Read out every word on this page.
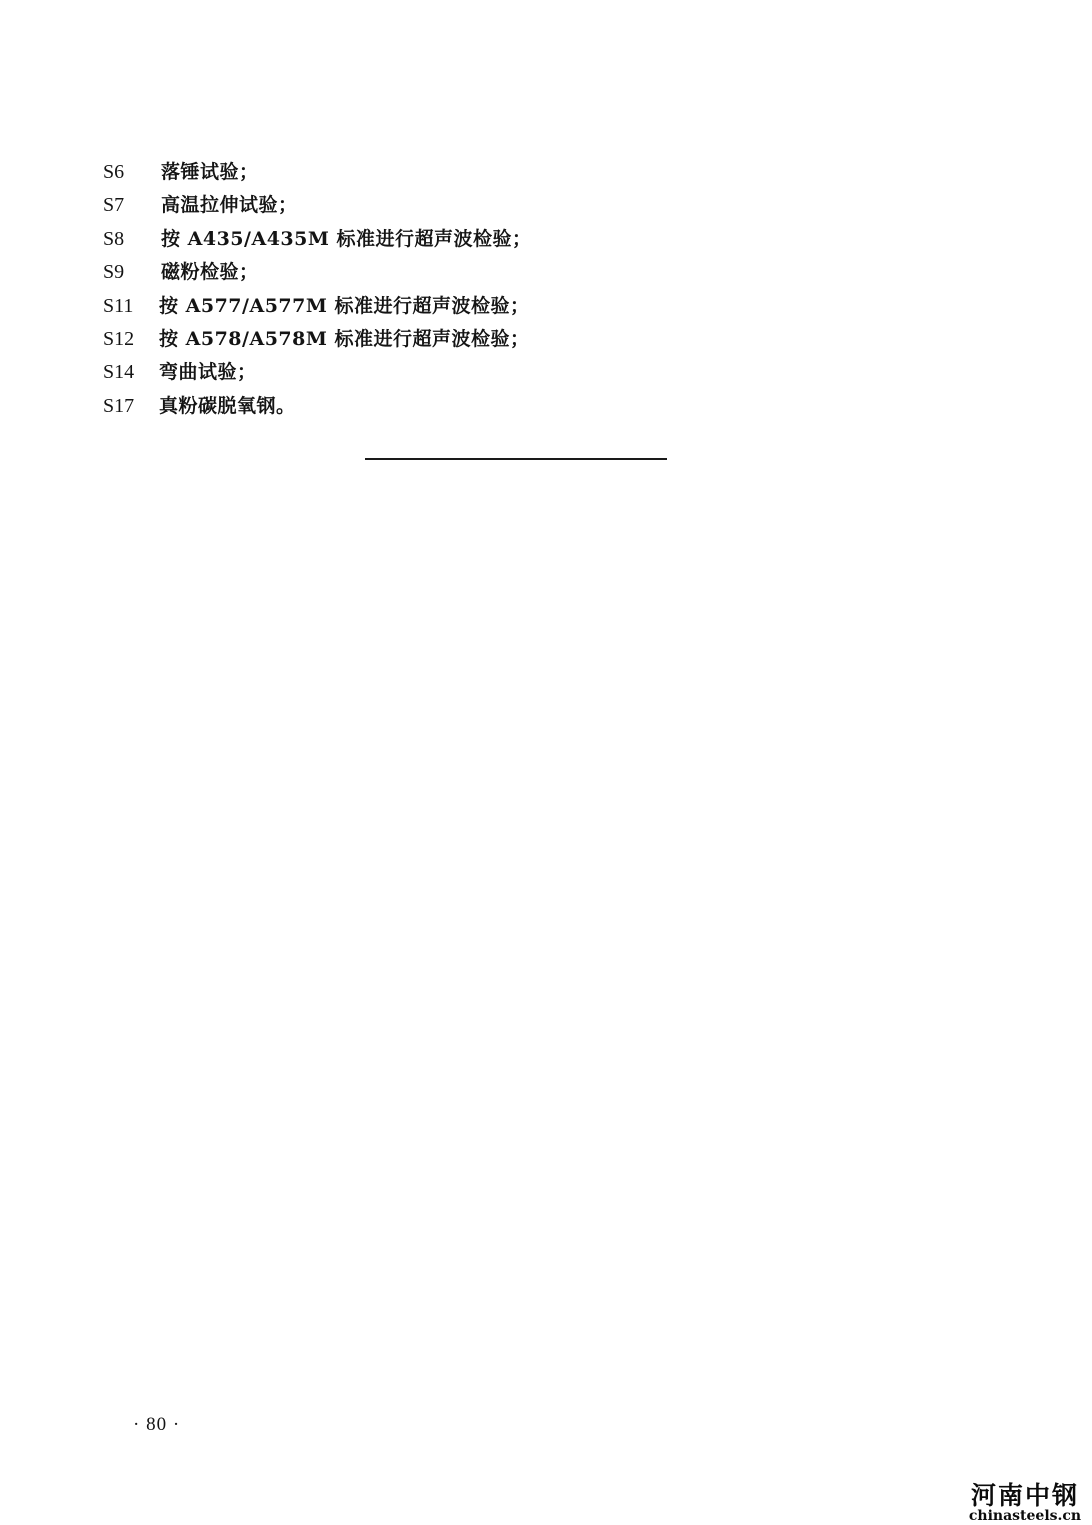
S6	落锤试验；
S7	高温拉伸试验；
S8	按 A435/A435M 标准进行超声波检验；
S9	磁粉检验；
S11	按 A577/A577M 标准进行超声波检验；
S12	按 A578/A578M 标准进行超声波检验；
S14	弯曲试验；
S17	真粉碳脱氧钢。
· 80 ·
河南中钢
chinasteels.cn
